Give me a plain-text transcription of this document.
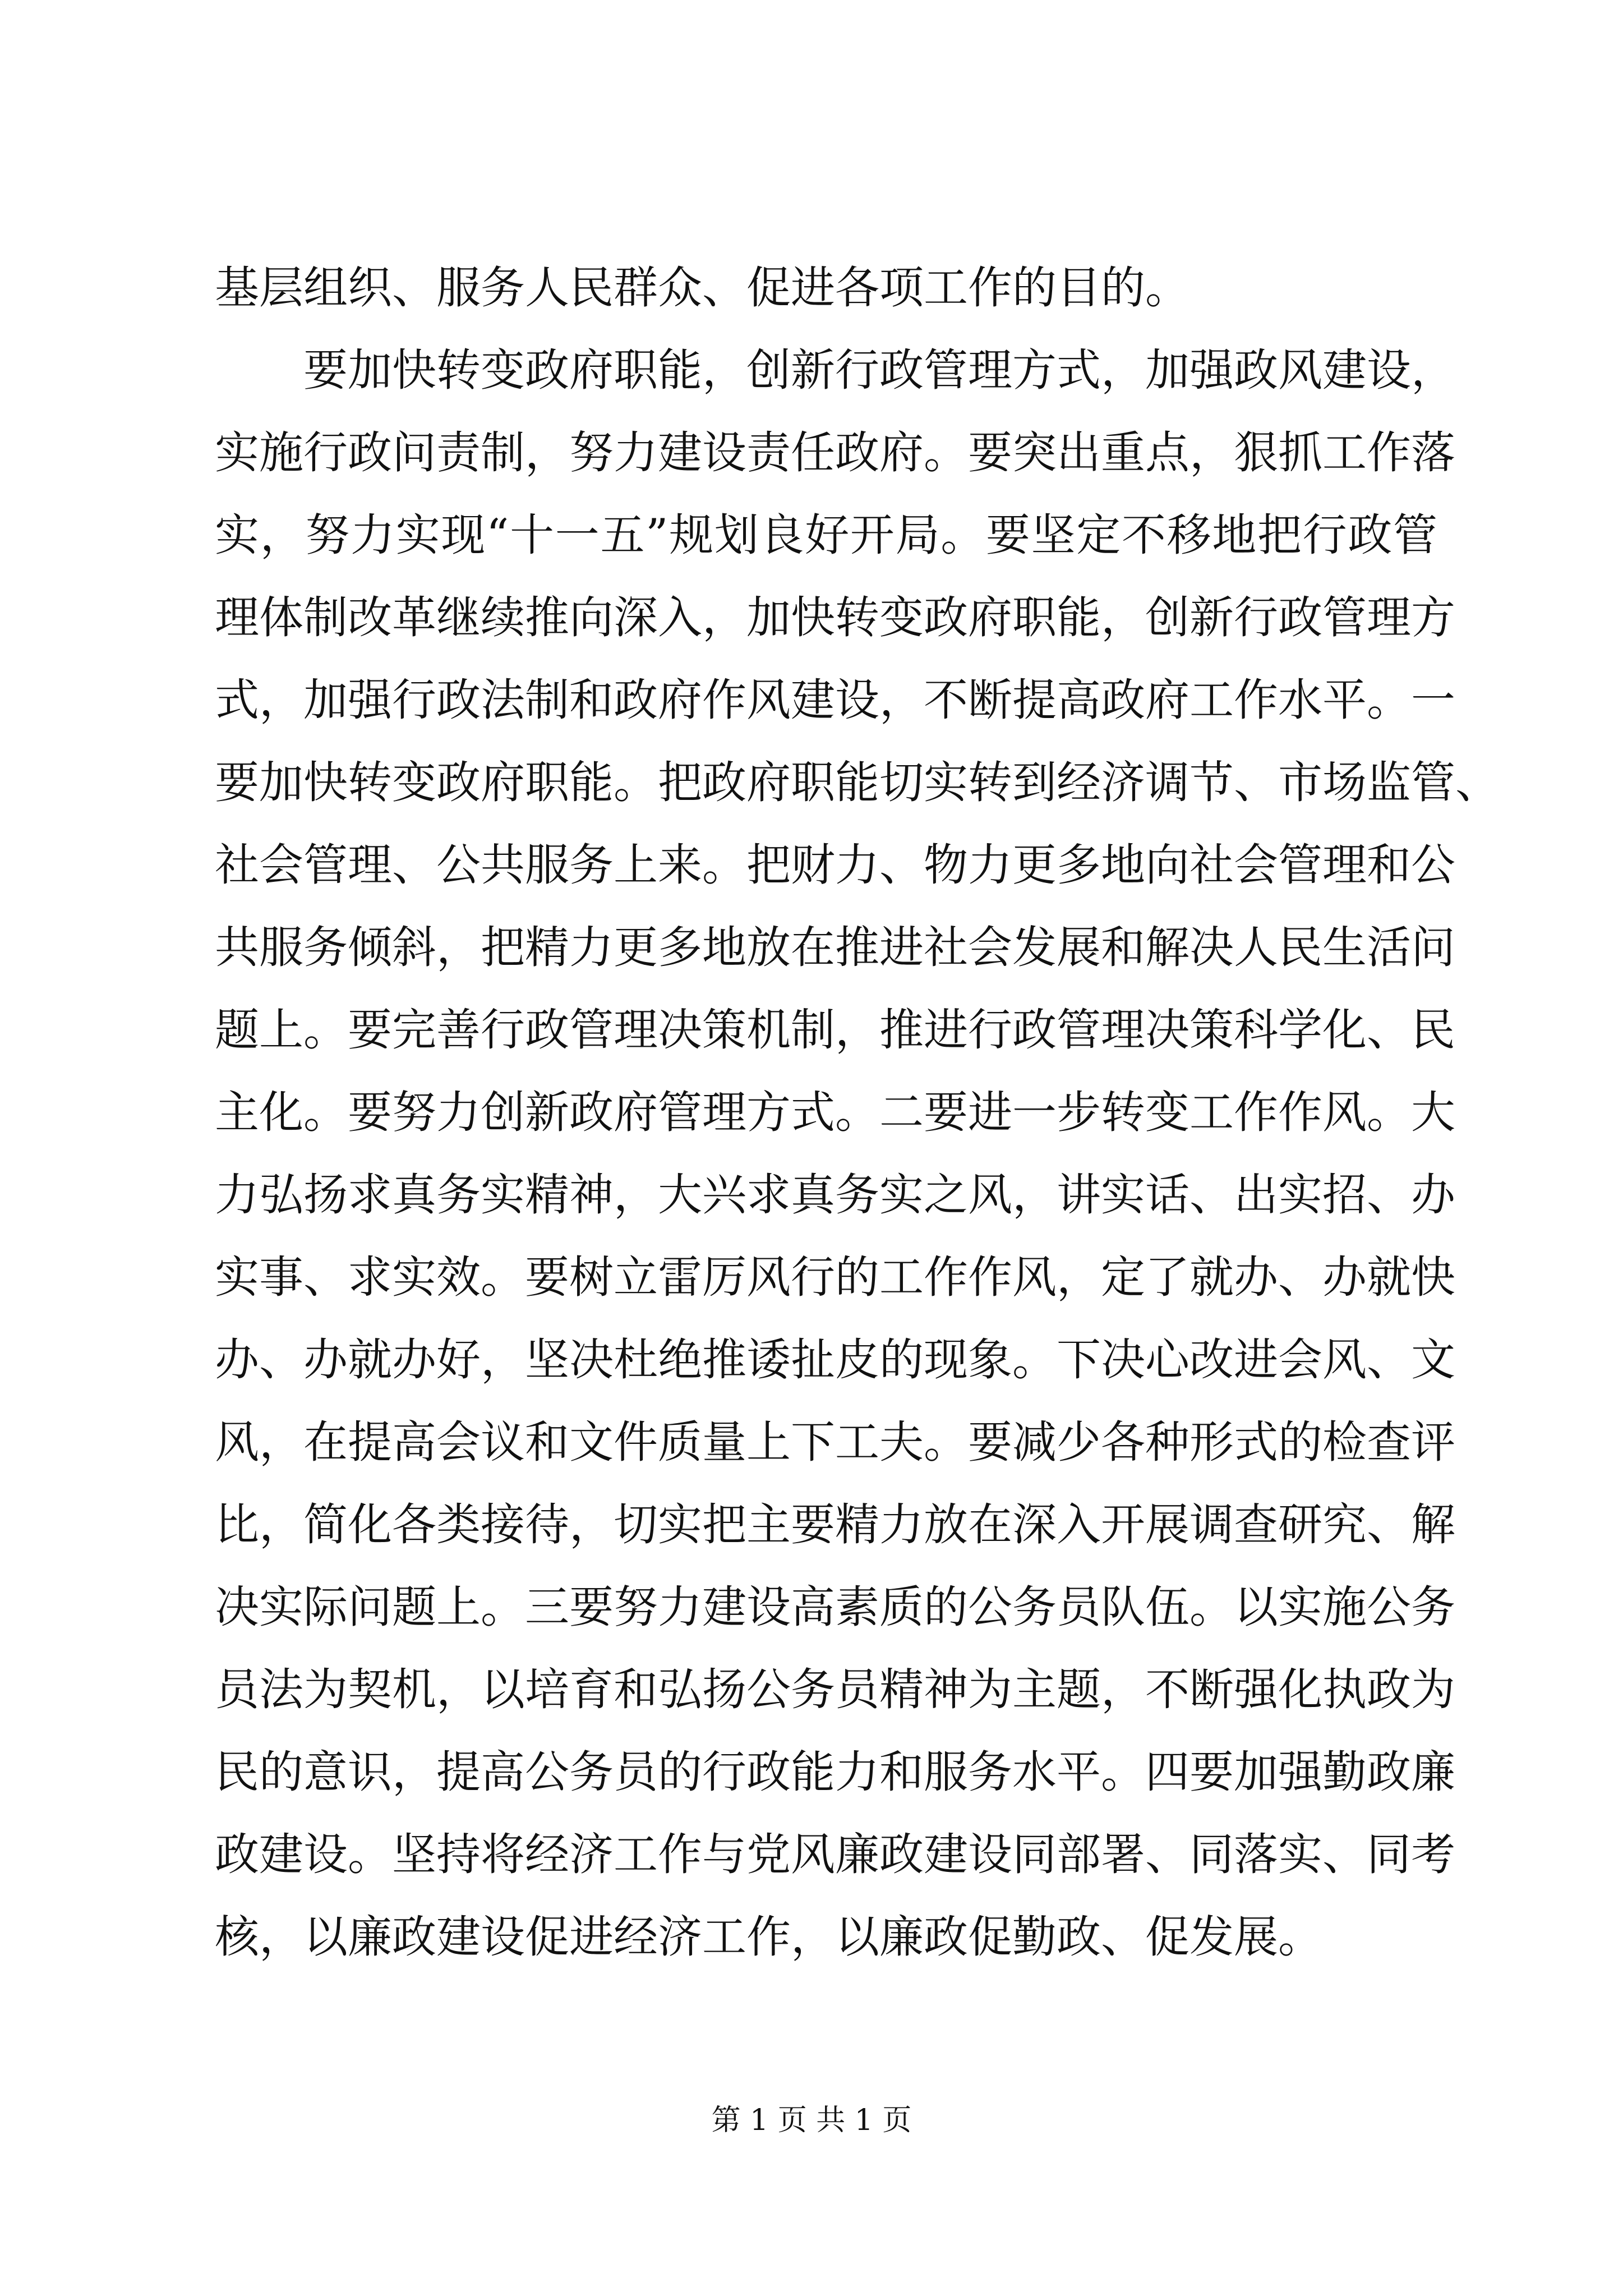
基层组织、服务人民群众、促进各项工作的目的。
要加快转变政府职能，创新行政管理方式，加强政风建设，
实施行政问责制，努力建设责任政府。要突出重点，狠抓工作落
实，努力实现“十一五”规划良好开局。要坚定不移地把行政管
理体制改革继续推向深入，加快转变政府职能，创新行政管理方
式，加强行政法制和政府作风建设，不断提高政府工作水平。一
要加快转变政府职能。把政府职能切实转到经济调节、市场监管、
社会管理、公共服务上来。把财力、物力更多地向社会管理和公
共服务倾斜，把精力更多地放在推进社会发展和解决人民生活问
题上。要完善行政管理决策机制，推进行政管理决策科学化、民
主化。要努力创新政府管理方式。二要进一步转变工作作风。大
力弘扬求真务实精神，大兴求真务实之风，讲实话、出实招、办
实事、求实效。要树立雷厉风行的工作作风，定了就办、办就快
办、办就办好，坚决杜绝推诿扯皮的现象。下决心改进会风、文
风，在提高会议和文件质量上下工夫。要减少各种形式的检查评
比，简化各类接待，切实把主要精力放在深入开展调查研究、解
决实际问题上。三要努力建设高素质的公务员队伍。以实施公务
员法为契机，以培育和弘扬公务员精神为主题，不断强化执政为
民的意识，提高公务员的行政能力和服务水平。四要加强勤政廉
政建设。坚持将经济工作与党风廉政建设同部署、同落实、同考
核，以廉政建设促进经济工作，以廉政促勤政、促发展。
第 1 页 共 1 页
